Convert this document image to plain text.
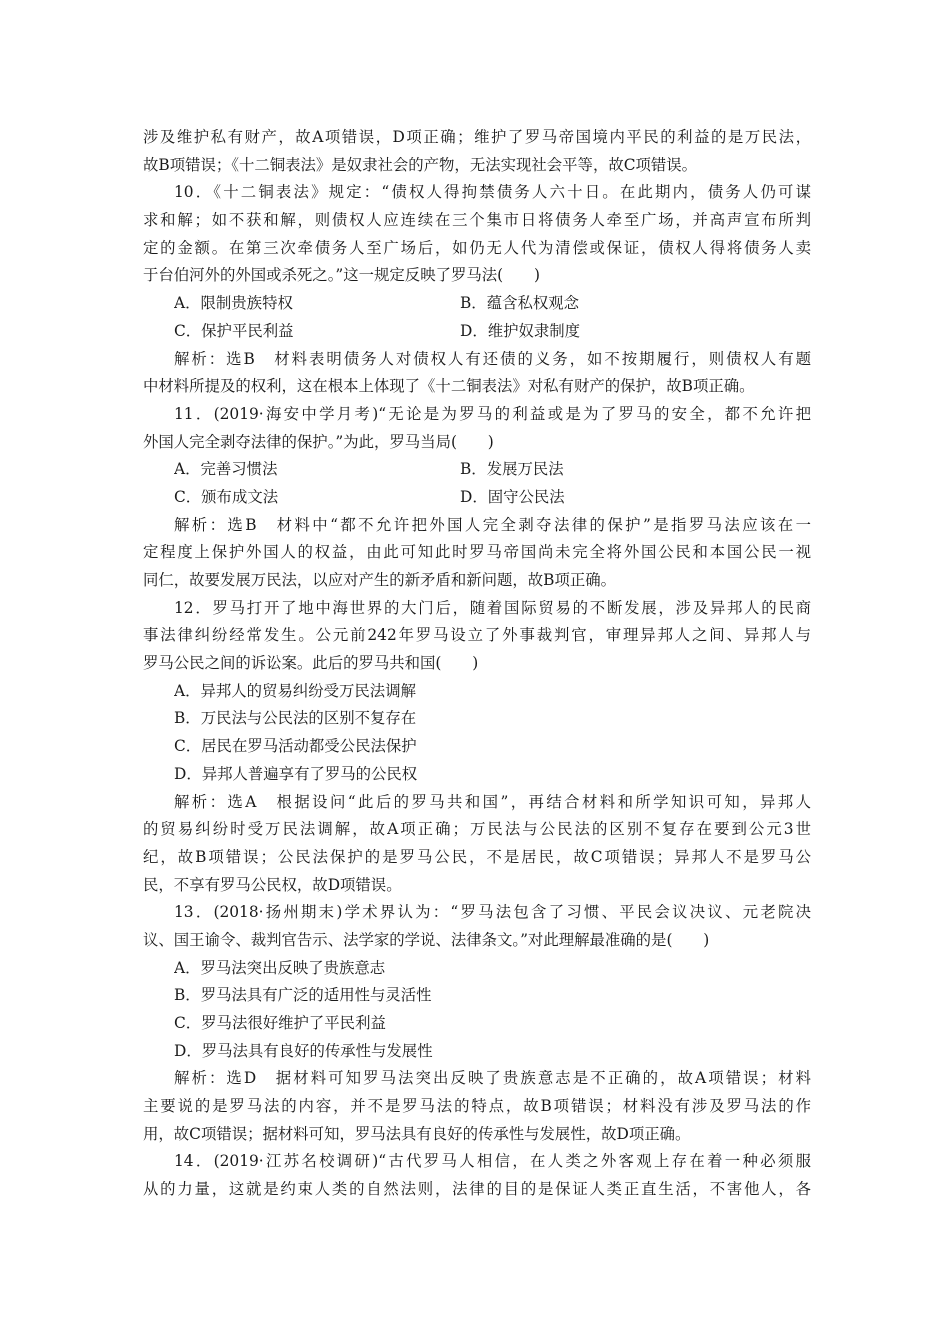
涉及维护私有财产，故A项错误，D项正确；维护了罗马帝国境内平民的利益的是万民法，
故B项错误；《十二铜表法》是奴隶社会的产物，无法实现社会平等，故C项错误。
10．《十二铜表法》规定：“债权人得拘禁债务人六十日。在此期内，债务人仍可谋
求和解；如不获和解，则债权人应连续在三个集市日将债务人牵至广场，并高声宣布所判
定的金额。在第三次牵债务人至广场后，如仍无人代为清偿或保证，债权人得将债务人卖
于台伯河外的外国或杀死之。”这一规定反映了罗马法(　　)
A．限制贵族特权	B．蕴含私权观念
C．保护平民利益	D．维护奴隶制度
解析：选B　材料表明债务人对债权人有还债的义务，如不按期履行，则债权人有题
中材料所提及的权利，这在根本上体现了《十二铜表法》对私有财产的保护，故B项正确。
11．(2019·海安中学月考)“无论是为罗马的利益或是为了罗马的安全，都不允许把
外国人完全剥夺法律的保护。”为此，罗马当局(　　)
A．完善习惯法	B．发展万民法
C．颁布成文法	D．固守公民法
解析：选B　材料中“都不允许把外国人完全剥夺法律的保护”是指罗马法应该在一
定程度上保护外国人的权益，由此可知此时罗马帝国尚未完全将外国公民和本国公民一视
同仁，故要发展万民法，以应对产生的新矛盾和新问题，故B项正确。
12．罗马打开了地中海世界的大门后，随着国际贸易的不断发展，涉及异邦人的民商
事法律纠纷经常发生。公元前242年罗马设立了外事裁判官，审理异邦人之间、异邦人与
罗马公民之间的诉讼案。此后的罗马共和国(　　)
A．异邦人的贸易纠纷受万民法调解
B．万民法与公民法的区别不复存在
C．居民在罗马活动都受公民法保护
D．异邦人普遍享有了罗马的公民权
解析：选A　根据设问“此后的罗马共和国”，再结合材料和所学知识可知，异邦人
的贸易纠纷时受万民法调解，故A项正确；万民法与公民法的区别不复存在要到公元3世
纪，故B项错误；公民法保护的是罗马公民，不是居民，故C项错误；异邦人不是罗马公
民，不享有罗马公民权，故D项错误。
13．(2018·扬州期末)学术界认为：“罗马法包含了习惯、平民会议决议、元老院决
议、国王谕令、裁判官告示、法学家的学说、法律条文。”对此理解最准确的是(　　)
A．罗马法突出反映了贵族意志
B．罗马法具有广泛的适用性与灵活性
C．罗马法很好维护了平民利益
D．罗马法具有良好的传承性与发展性
解析：选D　据材料可知罗马法突出反映了贵族意志是不正确的，故A项错误；材料
主要说的是罗马法的内容，并不是罗马法的特点，故B项错误；材料没有涉及罗马法的作
用，故C项错误；据材料可知，罗马法具有良好的传承性与发展性，故D项正确。
14．(2019·江苏名校调研)“古代罗马人相信，在人类之外客观上存在着一种必须服
从的力量，这就是约束人类的自然法则，法律的目的是保证人类正直生活，不害他人，各
